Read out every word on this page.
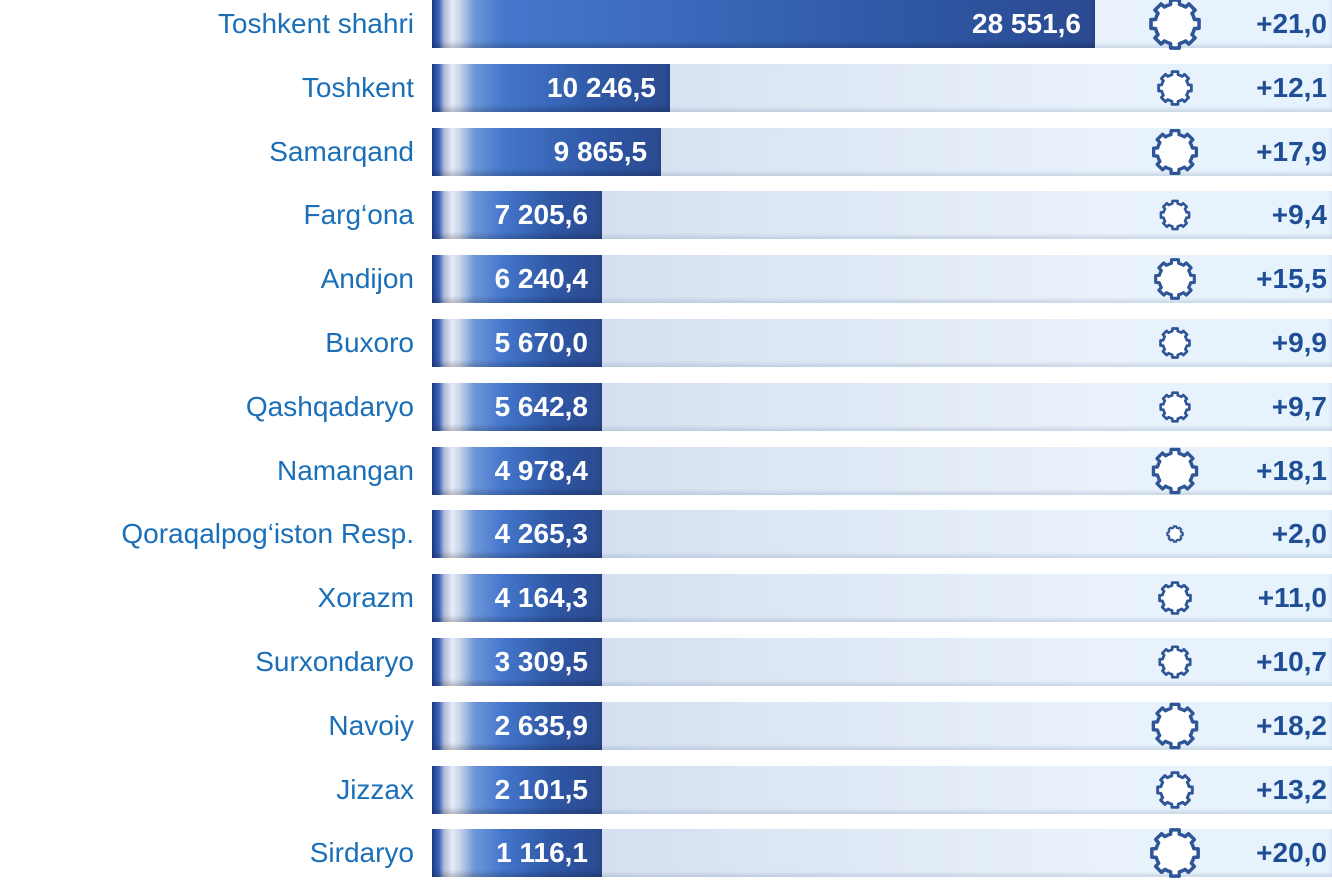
Toshkent shahri	28 551,6	+21,0
Toshkent	10 246,5	+12,1
Samarqand	9 865,5	+17,9
Farg‘ona	7 205,6	+9,4
Andijon	6 240,4	+15,5
Buxoro	5 670,0	+9,9
Qashqadaryo	5 642,8	+9,7
Namangan	4 978,4	+18,1
Qoraqalpog‘iston Resp.	4 265,3	+2,0
Xorazm	4 164,3	+11,0
Surxondaryo	3 309,5	+10,7
Navoiy	2 635,9	+18,2
Jizzax	2 101,5	+13,2
Sirdaryo	1 116,1	+20,0
